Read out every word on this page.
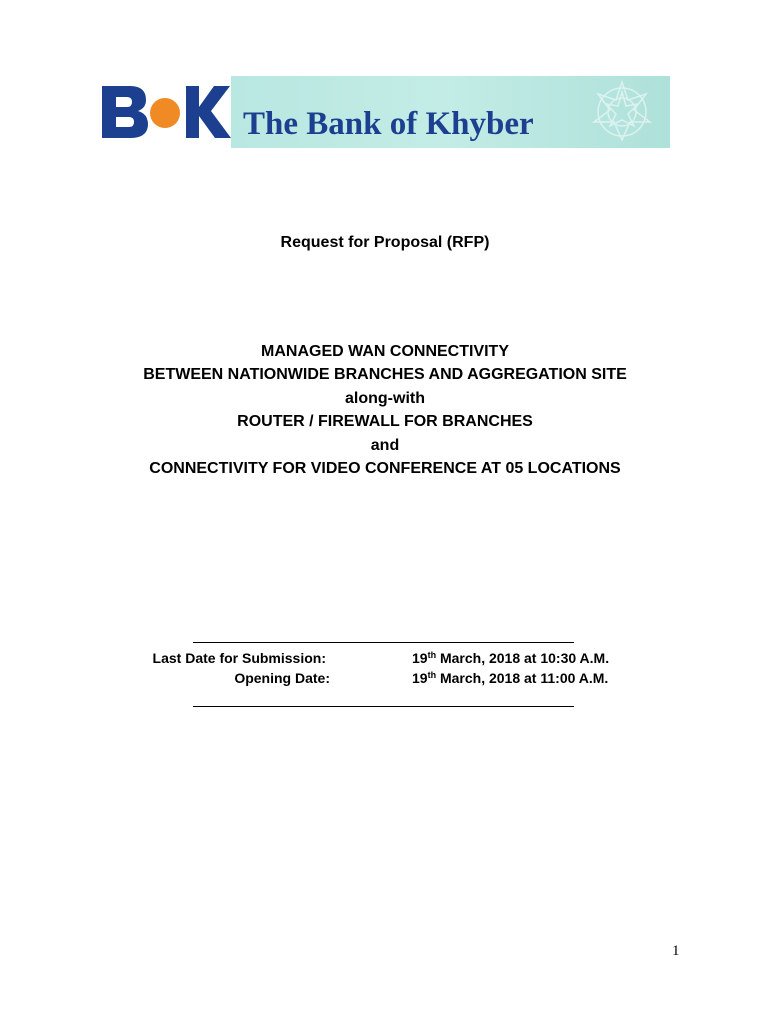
The Bank of Khyber
Request for Proposal (RFP)
MANAGED WAN CONNECTIVITY
BETWEEN NATIONWIDE BRANCHES AND AGGREGATION SITE
along-with
ROUTER / FIREWALL FOR BRANCHES
and
CONNECTIVITY FOR VIDEO CONFERENCE AT 05 LOCATIONS
Last Date for Submission:	19th March, 2018 at 10:30 A.M.
Opening Date:	19th March, 2018 at 11:00 A.M.
1
